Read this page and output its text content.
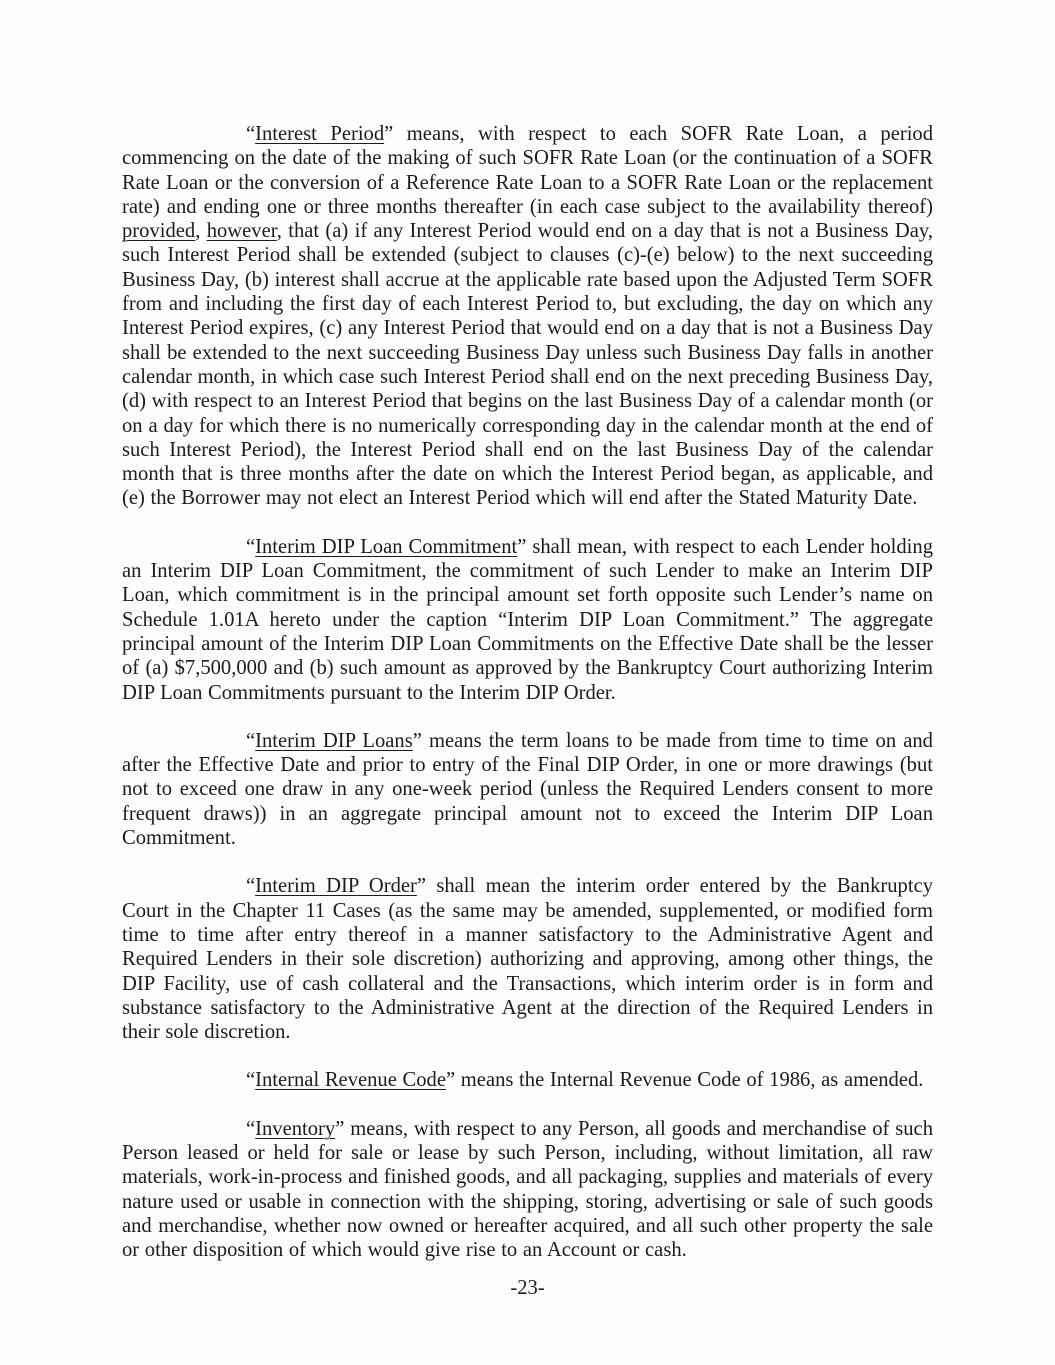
“Interest Period” means, with respect to each SOFR Rate Loan, a period commencing on the date of the making of such SOFR Rate Loan (or the continuation of a SOFR Rate Loan or the conversion of a Reference Rate Loan to a SOFR Rate Loan or the replacement rate) and ending one or three months thereafter (in each case subject to the availability thereof) provided, however, that (a) if any Interest Period would end on a day that is not a Business Day, such Interest Period shall be extended (subject to clauses (c)-(e) below) to the next succeeding Business Day, (b) interest shall accrue at the applicable rate based upon the Adjusted Term SOFR from and including the first day of each Interest Period to, but excluding, the day on which any Interest Period expires, (c) any Interest Period that would end on a day that is not a Business Day shall be extended to the next succeeding Business Day unless such Business Day falls in another calendar month, in which case such Interest Period shall end on the next preceding Business Day, (d) with respect to an Interest Period that begins on the last Business Day of a calendar month (or on a day for which there is no numerically corresponding day in the calendar month at the end of such Interest Period), the Interest Period shall end on the last Business Day of the calendar month that is three months after the date on which the Interest Period began, as applicable, and (e) the Borrower may not elect an Interest Period which will end after the Stated Maturity Date.

“Interim DIP Loan Commitment” shall mean, with respect to each Lender holding an Interim DIP Loan Commitment, the commitment of such Lender to make an Interim DIP Loan, which commitment is in the principal amount set forth opposite such Lender’s name on Schedule 1.01A hereto under the caption “Interim DIP Loan Commitment.” The aggregate principal amount of the Interim DIP Loan Commitments on the Effective Date shall be the lesser of (a) $7,500,000 and (b) such amount as approved by the Bankruptcy Court authorizing Interim DIP Loan Commitments pursuant to the Interim DIP Order.

“Interim DIP Loans” means the term loans to be made from time to time on and after the Effective Date and prior to entry of the Final DIP Order, in one or more drawings (but not to exceed one draw in any one-week period (unless the Required Lenders consent to more frequent draws)) in an aggregate principal amount not to exceed the Interim DIP Loan Commitment.

“Interim DIP Order” shall mean the interim order entered by the Bankruptcy Court in the Chapter 11 Cases (as the same may be amended, supplemented, or modified form time to time after entry thereof in a manner satisfactory to the Administrative Agent and Required Lenders in their sole discretion) authorizing and approving, among other things, the DIP Facility, use of cash collateral and the Transactions, which interim order is in form and substance satisfactory to the Administrative Agent at the direction of the Required Lenders in their sole discretion.

“Internal Revenue Code” means the Internal Revenue Code of 1986, as amended.

“Inventory” means, with respect to any Person, all goods and merchandise of such Person leased or held for sale or lease by such Person, including, without limitation, all raw materials, work-in-process and finished goods, and all packaging, supplies and materials of every nature used or usable in connection with the shipping, storing, advertising or sale of such goods and merchandise, whether now owned or hereafter acquired, and all such other property the sale or other disposition of which would give rise to an Account or cash.

-23-
